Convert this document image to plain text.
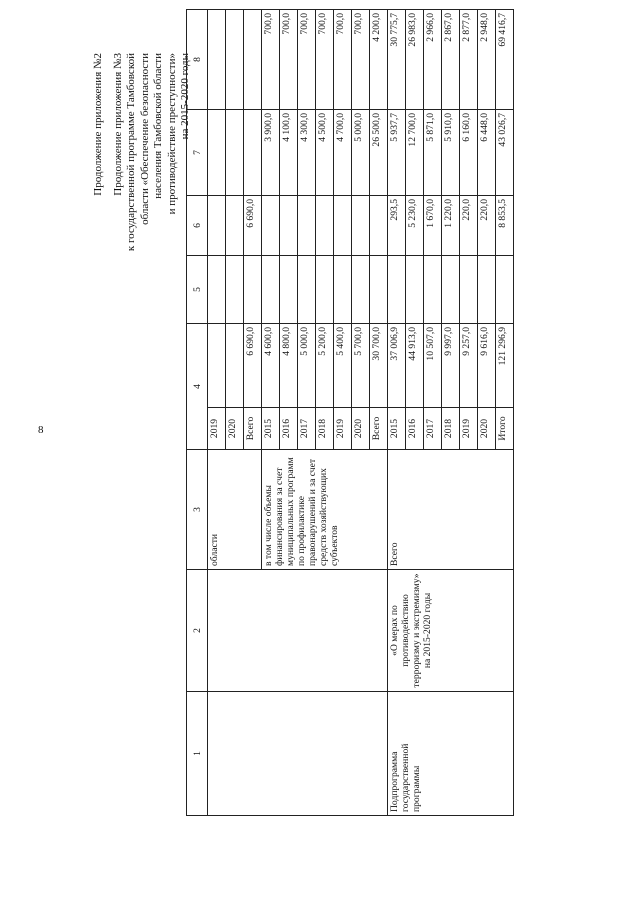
8
Продолжение приложения №2 Продолжение приложения №3 к государственной программе Тамбовской области «Обеспечение безопасности населения Тамбовской области и противодействие преступности» на 2015-2020 годы
1	2	3	4		5	6	7	8
		области	2019					
			2020					
			Всего	6 690,0		6 690,0		
		в том числе объемы финансирования за счет муниципальных программ по профилактике правонарушений и за счет средств хозяйствующих субъектов	2015	4 600,0			3 900,0	700,0
			2016	4 800,0			4 100,0	700,0
			2017	5 000,0			4 300,0	700,0
			2018	5 200,0			4 500,0	700,0
			2019	5 400,0			4 700,0	700,0
			2020	5 700,0			5 000,0	700,0
			Всего	30 700,0			26 500,0	4 200,0
Подпрограмма государственной программы	«О мерах по противодействию терроризму и экстремизму» на 2015-2020 годы	Всего	2015	37 006,9		293,5	5 937,7	30 775,7
			2016	44 913,0		5 230,0	12 700,0	26 983,0
			2017	10 507,0		1 670,0	5 871,0	2 966,0
			2018	9 997,0		1 220,0	5 910,0	2 867,0
			2019	9 257,0		220,0	6 160,0	2 877,0
			2020	9 616,0		220,0	6 448,0	2 948,0
			Итого	121 296,9		8 853,5	43 026,7	69 416,7
